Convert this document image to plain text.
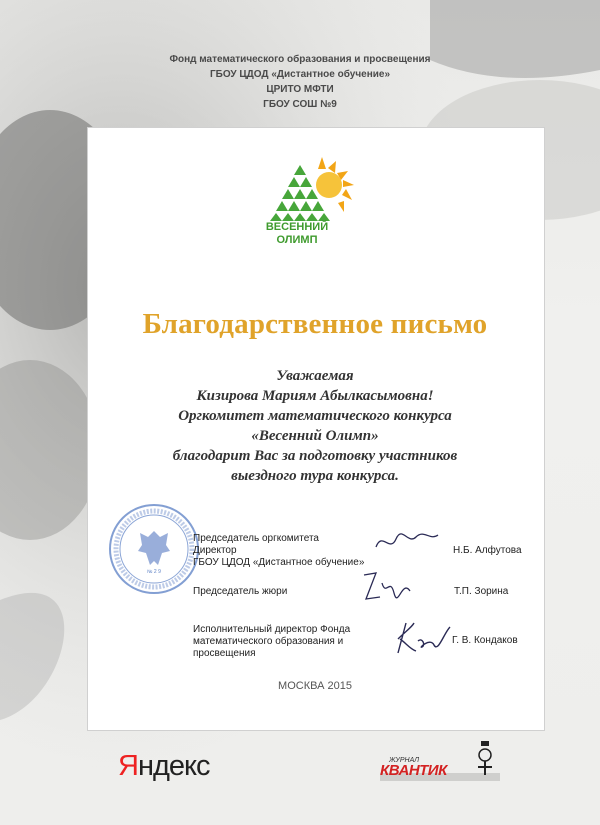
Фонд математического образования и просвещения
ГБОУ ЦДОД «Дистантное обучение»
ЦРИТО МФТИ
ГБОУ СОШ №9
ВЕСЕННИЙ
ОЛИМП
Благодарственное письмо
Уважаемая
Кизирова Мариям Абылкасымовна!
Оргкомитет математического конкурса
«Весенний Олимп»
благодарит Вас за подготовку участников
выездного тура конкурса.
№ 2 9
Председатель оргкомитета
Директор
ГБОУ ЦДОД «Дистантное обучение»
Н.Б. Алфутова
Председатель жюри	Т.П. Зорина
Исполнительный директор Фонда
математического образования и
просвещения
Г. В. Кондаков
МОСКВА 2015
Яндекс	ЖУРНАЛ
КВАНТИК
